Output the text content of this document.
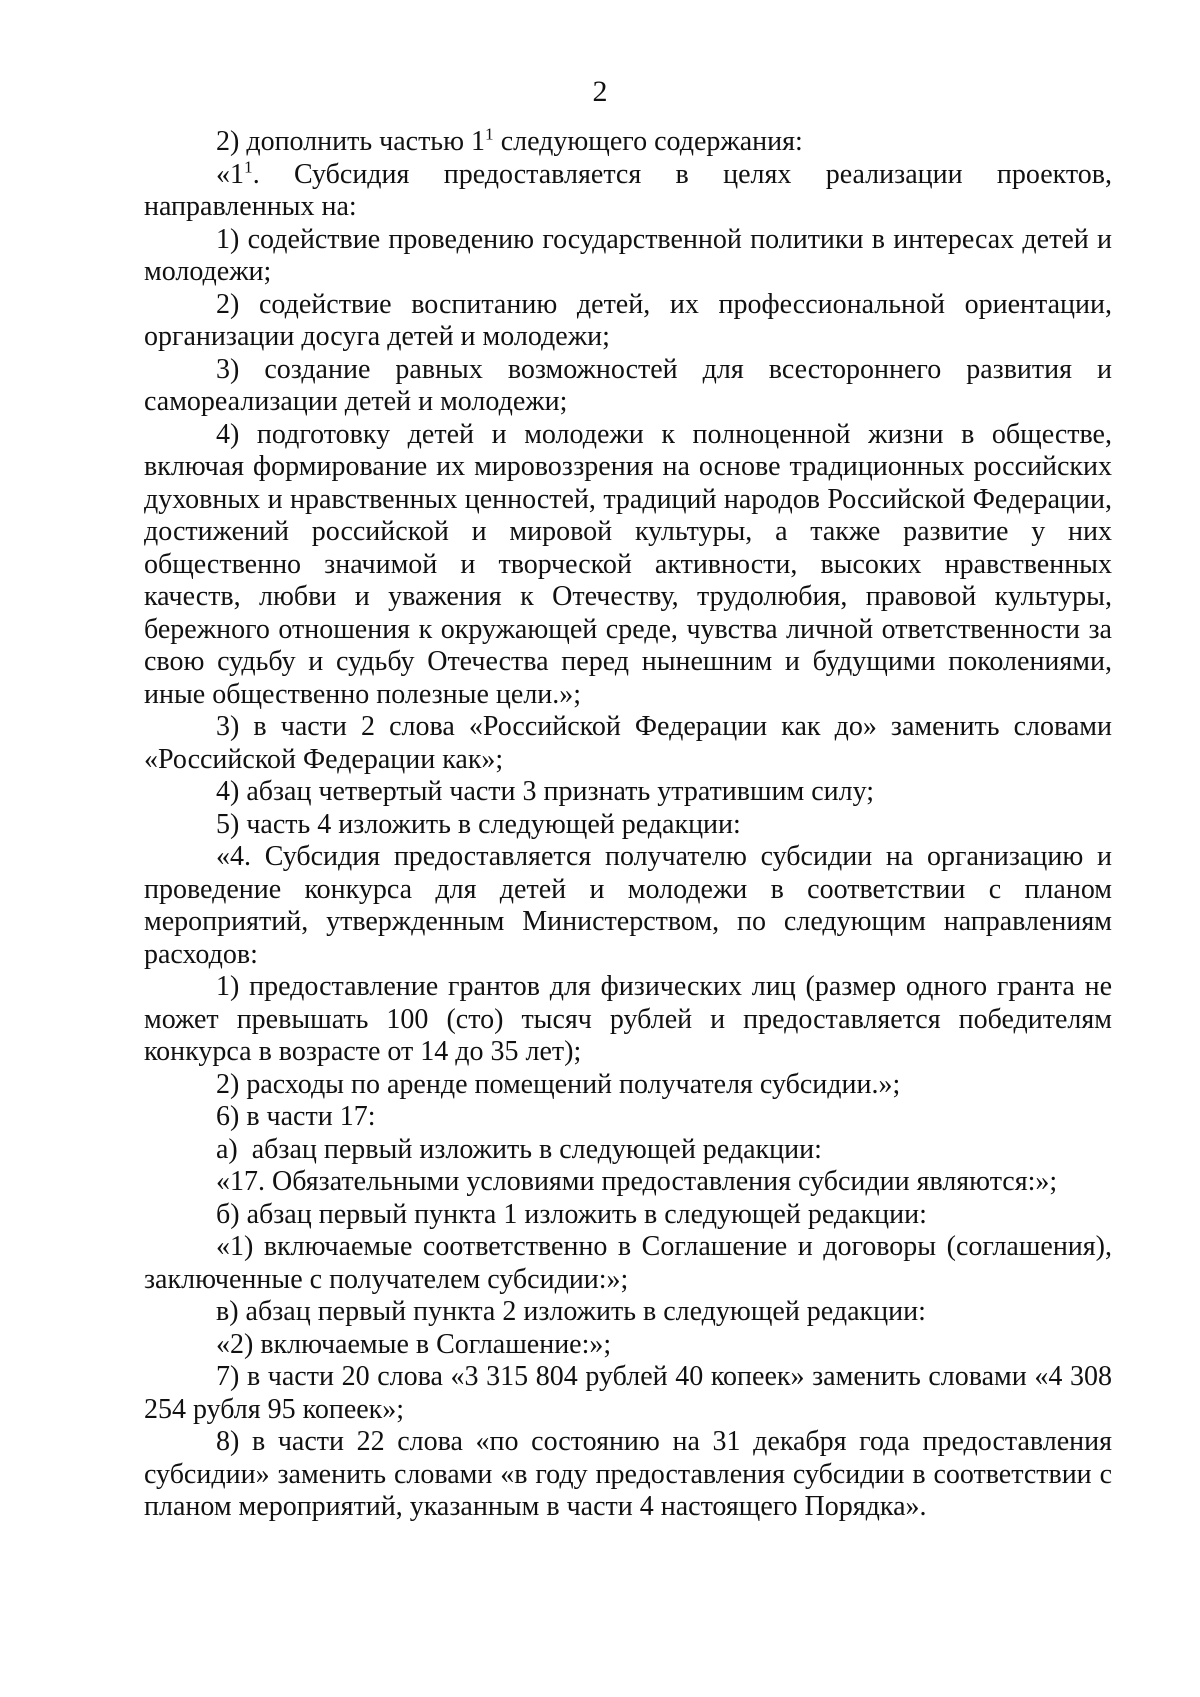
2

2) дополнить частью $1^1$ следующего содержания:

«$1^1$. Субсидия предоставляется в целях реализации проектов, направленных на:

1) содействие проведению государственной политики в интересах детей и молодежи;

2) содействие воспитанию детей, их профессиональной ориентации, организации досуга детей и молодежи;

3) создание равных возможностей для всестороннего развития и самореализации детей и молодежи;

4) подготовку детей и молодежи к полноценной жизни в обществе, включая формирование их мировоззрения на основе традиционных российских духовных и нравственных ценностей, традиций народов Российской Федерации, достижений российской и мировой культуры, а также развитие у них общественно значимой и творческой активности, высоких нравственных качеств, любви и уважения к Отечеству, трудолюбия, правовой культуры, бережного отношения к окружающей среде, чувства личной ответственности за свою судьбу и судьбу Отечества перед нынешним и будущими поколениями, иные общественно полезные цели.»;

3) в части 2 слова «Российской Федерации как до» заменить словами «Российской Федерации как»;

4) абзац четвертый части 3 признать утратившим силу;

5) часть 4 изложить в следующей редакции:

«4. Субсидия предоставляется получателю субсидии на организацию и проведение конкурса для детей и молодежи в соответствии с планом мероприятий, утвержденным Министерством, по следующим направлениям расходов:

1) предоставление грантов для физических лиц (размер одного гранта не может превышать 100 (сто) тысяч рублей и предоставляется победителям конкурса в возрасте от 14 до 35 лет);

2) расходы по аренде помещений получателя субсидии.»;

6) в части 17:

а)  абзац первый изложить в следующей редакции:

«17. Обязательными условиями предоставления субсидии являются:»;

б) абзац первый пункта 1 изложить в следующей редакции:

«1) включаемые соответственно в Соглашение и договоры (соглашения), заключенные с получателем субсидии:»;

в) абзац первый пункта 2 изложить в следующей редакции:

«2) включаемые в Соглашение:»;

7) в части 20 слова «3 315 804 рублей 40 копеек» заменить словами «4 308 254 рубля 95 копеек»;

8) в части 22 слова «по состоянию на 31 декабря года предоставления субсидии» заменить словами «в году предоставления субсидии в соответствии с планом мероприятий, указанным в части 4 настоящего Порядка».
